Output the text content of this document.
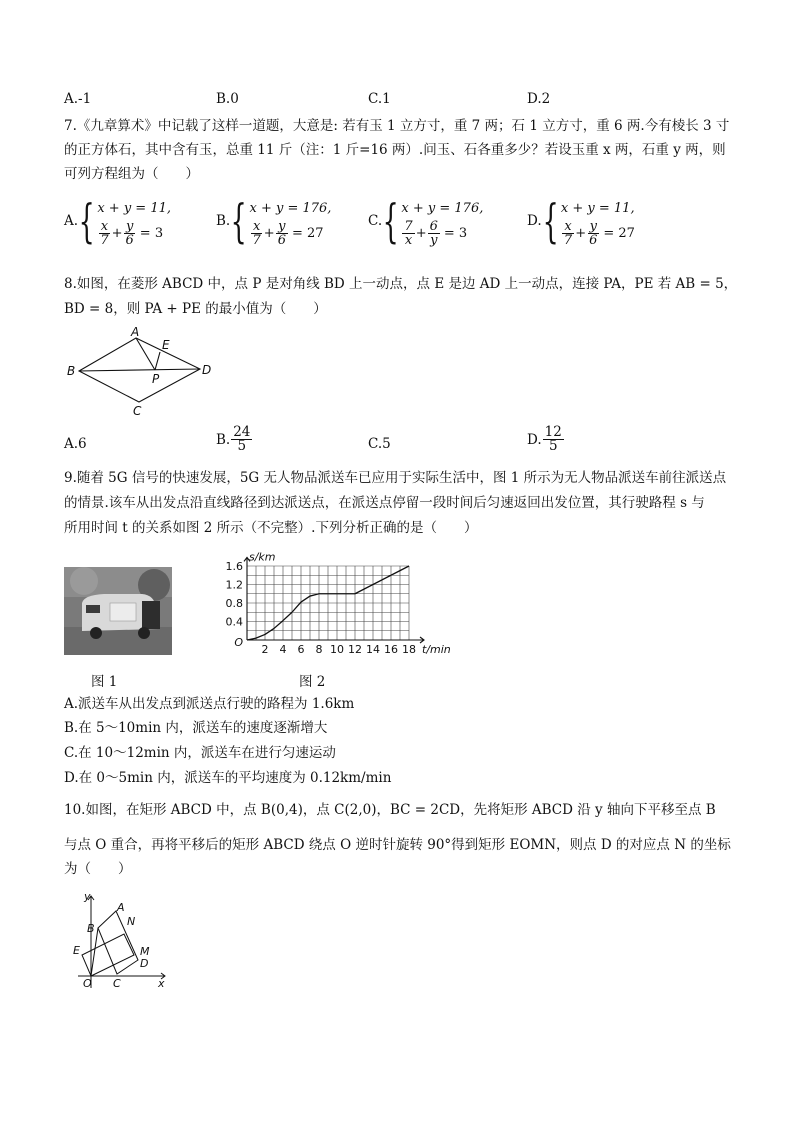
A.-1	B.0	C.1	D.2
7.《九章算术》中记载了这样一道题，大意是: 若有玉 1 立方寸，重 7 两；石 1 立方寸，重 6 两.今有棱长 3 寸
的正方体石，其中含有玉，总重 11 斤（注：1 斤=16 两）.问玉、石各重多少？若设玉重 x 两，石重 y 两，则
可列方程组为（　　）
A. { x + y = 11,
$\frac{x}{7} + \frac{y}{6} = 3$
B. { x + y = 176,
$\frac{x}{7} + \frac{y}{6} = 27$
C. { x + y = 176,
$\frac{7}{x} + \frac{6}{y} = 3$
D. { x + y = 11,
$\frac{x}{7} + \frac{y}{6} = 27$
8.如图，在菱形 ABCD 中，点 P 是对角线 BD 上一动点，点 E 是边 AD 上一动点，连接 PA，PE 若 AB = 5，
BD = 8，则 PA + PE 的最小值为（　　）
A
B
C
D
E
P
A.6	B. $\frac{24}{5}$	C.5	D. $\frac{12}{5}$
9.随着 5G 信号的快速发展，5G 无人物品派送车已应用于实际生活中，图 1 所示为无人物品派送车前往派送点
的情景.该车从出发点沿直线路径到达派送点，在派送点停留一段时间后匀速返回出发位置，其行驶路程 s 与
所用时间 t 的关系如图 2 所示（不完整）.下列分析正确的是（　　）
2 4 6 8 10 12 14 16 18
0.4
0.8
1.2
1.6
O
t/min
s/km
图 1	图 2
A.派送车从出发点到派送点行驶的路程为 1.6km
B.在 5～10min 内，派送车的速度逐渐增大
C.在 10～12min 内，派送车在进行匀速运动
D.在 0～5min 内，派送车的平均速度为 0.12km/min
10.如图，在矩形 ABCD 中，点 B(0,4)，点 C(2,0)，BC = 2CD，先将矩形 ABCD 沿 y 轴向下平移至点 B
与点 O 重合，再将平移后的矩形 ABCD 绕点 O 逆时针旋转 90°得到矩形 EOMN，则点 D 的对应点 N 的坐标
为（　　）
y
x
O
A
B
C
D
E	M
N
